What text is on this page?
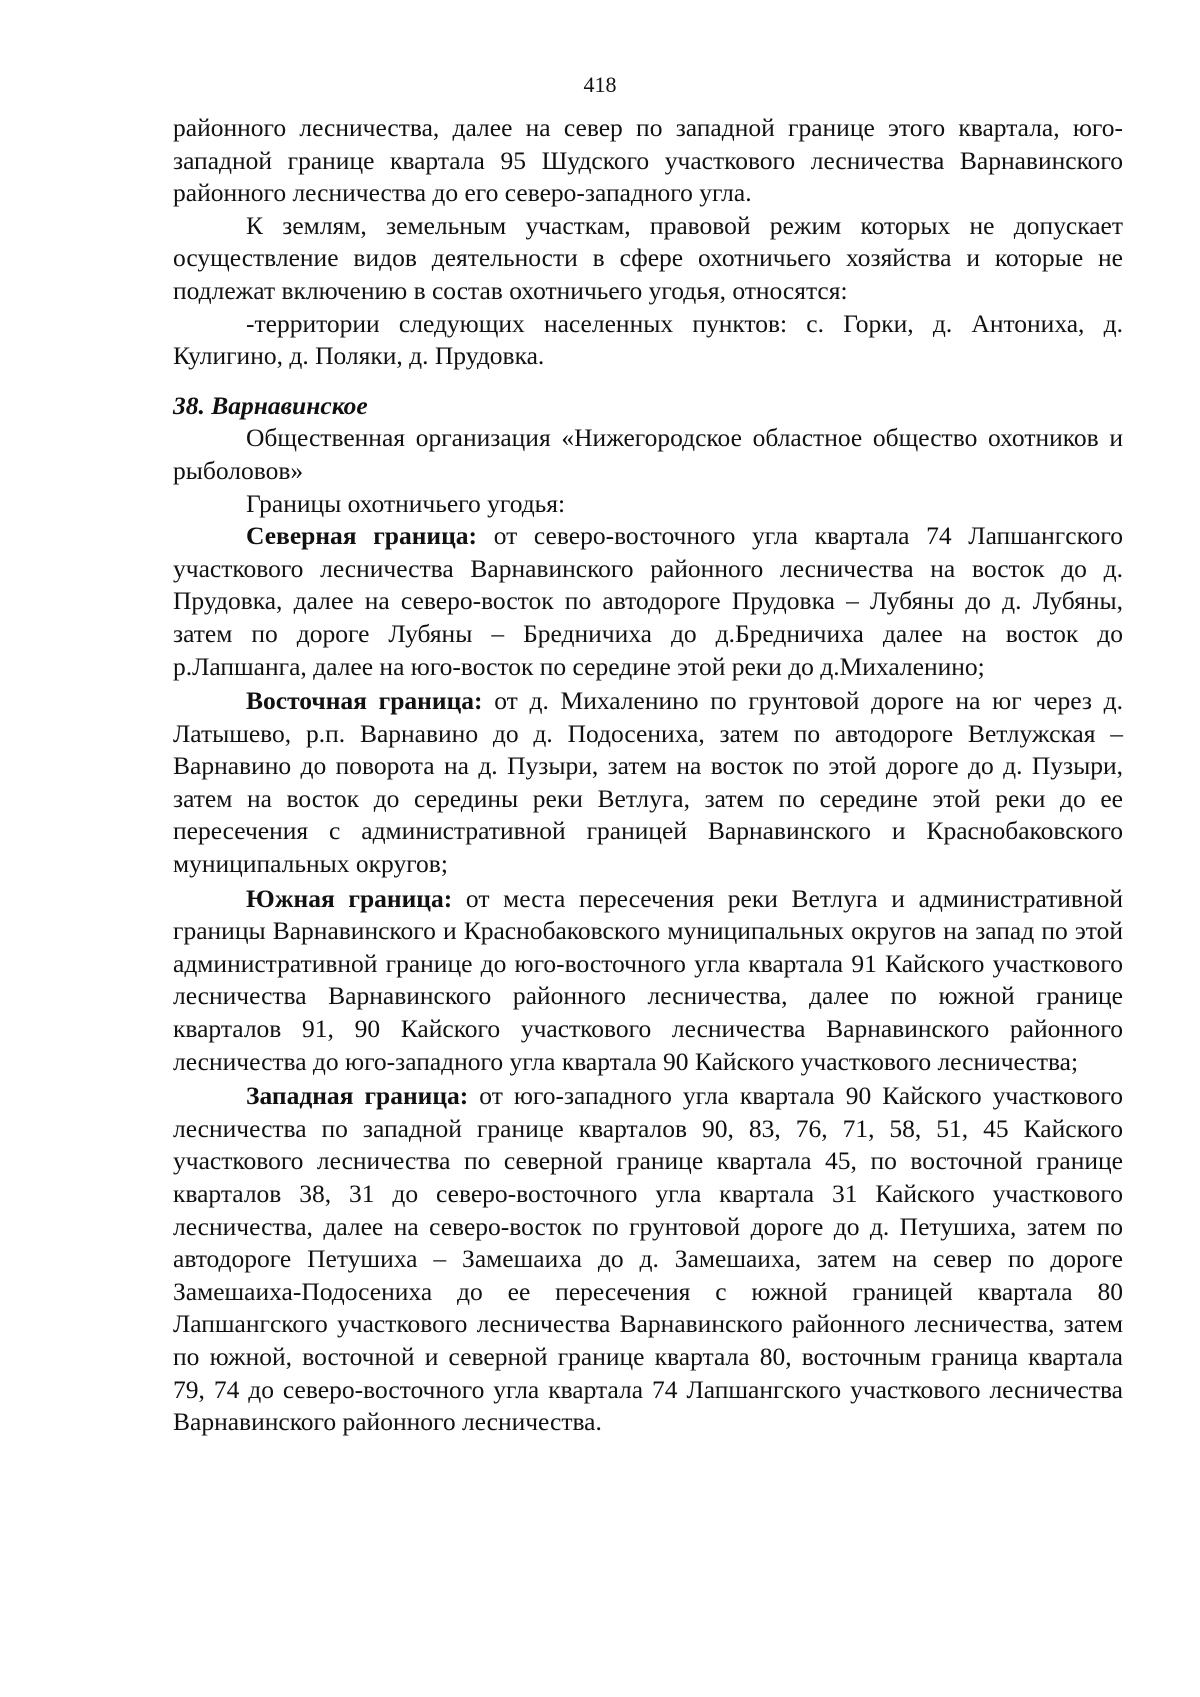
418

районного лесничества, далее на север по западной границе этого квартала, юго-западной границе квартала 95 Шудского участкового лесничества Варнавинского районного лесничества до его северо-западного угла.

К землям, земельным участкам, правовой режим которых не допускает осуществление видов деятельности в сфере охотничьего хозяйства и которые не подлежат включению в состав охотничьего угодья, относятся:

-территории следующих населенных пунктов: с. Горки, д. Антониха, д. Кулигино, д. Поляки, д. Прудовка.

38. Варнавинское

Общественная организация «Нижегородское областное общество охотников и рыболовов»

Границы охотничьего угодья:

Северная граница: от северо-восточного угла квартала 74 Лапшангского участкового лесничества Варнавинского районного лесничества на восток до д. Прудовка, далее на северо-восток по автодороге Прудовка – Лубяны до д. Лубяны, затем по дороге Лубяны – Бредничиха до д.Бредничиха далее на восток до р.Лапшанга, далее на юго-восток по середине этой реки до д.Михаленино;

Восточная граница: от д. Михаленино по грунтовой дороге на юг через д. Латышево, р.п. Варнавино до д. Подосениха, затем по автодороге Ветлужская – Варнавино до поворота на д. Пузыри, затем на восток по этой дороге до д. Пузыри, затем на восток до середины реки Ветлуга, затем по середине этой реки до ее пересечения с административной границей Варнавинского и Краснобаковского муниципальных округов;

Южная граница: от места пересечения реки Ветлуга и административной границы Варнавинского и Краснобаковского муниципальных округов на запад по этой административной границе до юго-восточного угла квартала 91 Кайского участкового лесничества Варнавинского районного лесничества, далее по южной границе кварталов 91, 90 Кайского участкового лесничества Варнавинского районного лесничества до юго-западного угла квартала 90 Кайского участкового лесничества;

Западная граница: от юго-западного угла квартала 90 Кайского участкового лесничества по западной границе кварталов 90, 83, 76, 71, 58, 51, 45 Кайского участкового лесничества по северной границе квартала 45, по восточной границе кварталов 38, 31 до северо-восточного угла квартала 31 Кайского участкового лесничества, далее на северо-восток по грунтовой дороге до д. Петушиха, затем по автодороге Петушиха – Замешаиха до д. Замешаиха, затем на север по дороге Замешаиха-Подосениха до ее пересечения с южной границей квартала 80 Лапшангского участкового лесничества Варнавинского районного лесничества, затем по южной, восточной и северной границе квартала 80, восточным граница квартала 79, 74 до северо-восточного угла квартала 74 Лапшангского участкового лесничества Варнавинского районного лесничества.
